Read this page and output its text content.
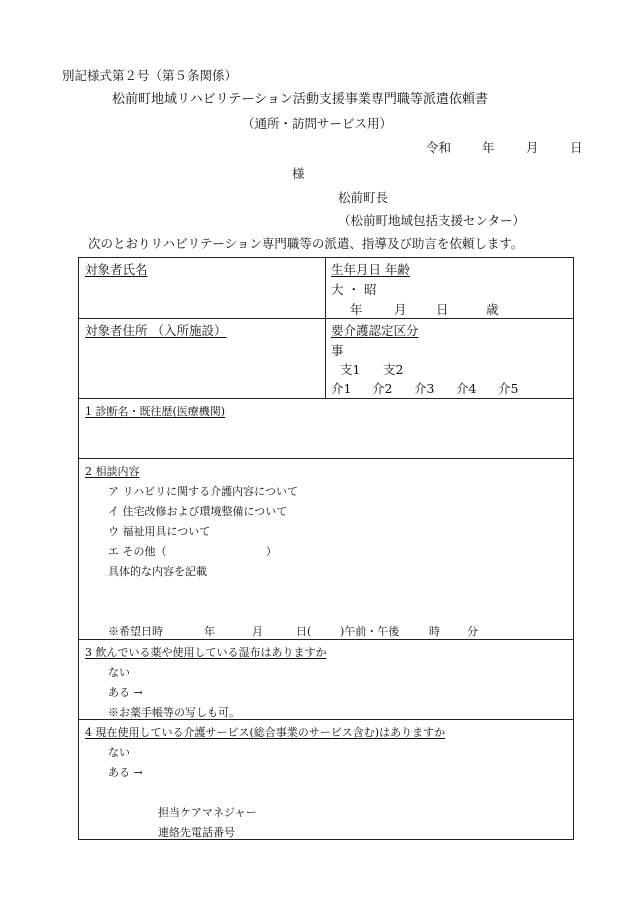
別記様式第２号（第５条関係）
松前町地域リハビリテーション活動支援事業専門職等派遣依頼書
（通所・訪問サービス用）
令和 年	月	日
様
松前町長
（松前町地域包括支援センター）
次のとおりリハビリテーション専門職等の派遣、指導及び助言を依頼します。
対象者氏名	生年月日 年齢
大 ・ 昭
年	月 日	歳
対象者住所 （入所施設）	要介護認定区分
事
支1 支2
介1 介2 介3 介4 介5
1 診断名・既往歴(医療機関)
2 相談内容
ア リハビリに関する介護内容について
イ 住宅改修および環境整備について
ウ 福祉用具について
エ その他（	）
具体的な内容を記載
※希望日時	年	月	日(	)午前・午後	時 分
3 飲んでいる薬や使用している湿布はありますか
ない
ある →
※お薬手帳等の写しも可。
4 現在使用している介護サービス(総合事業のサービス含む)はありますか
ない
ある →
担当ケアマネジャー
連絡先電話番号
